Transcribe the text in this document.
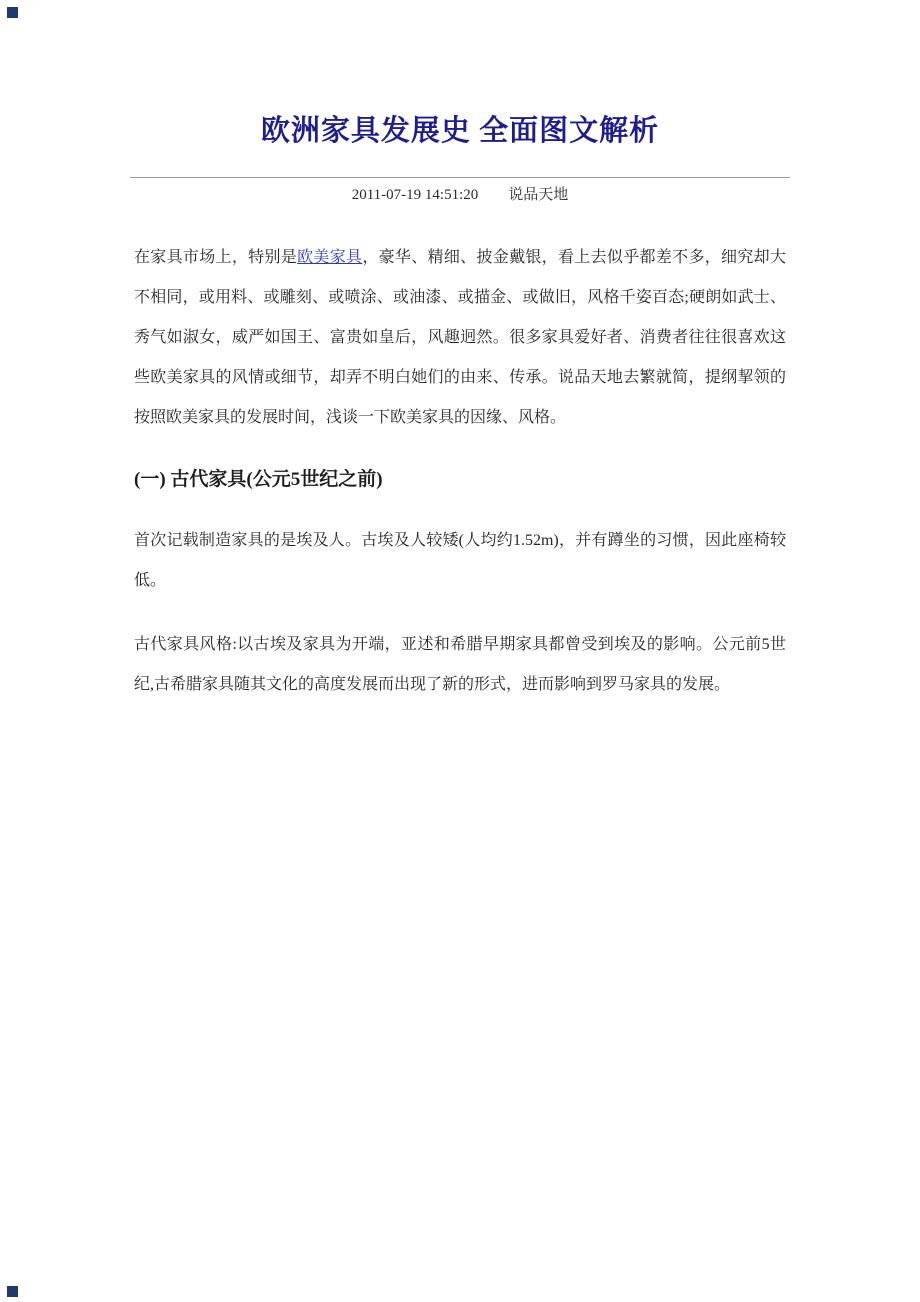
欧洲家具发展史 全面图文解析
2011-07-19 14:51:20 说品天地

在家具市场上，特别是欧美家具，豪华、精细、披金戴银，看上去似乎都差不多，细究却大不相同，或用料、或雕刻、或喷涂、或油漆、或描金、或做旧，风格千姿百态;硬朗如武士、秀气如淑女，威严如国王、富贵如皇后，风趣迥然。很多家具爱好者、消费者往往很喜欢这些欧美家具的风情或细节，却弄不明白她们的由来、传承。说品天地去繁就简，提纲挈领的按照欧美家具的发展时间，浅谈一下欧美家具的因缘、风格。

(一) 古代家具(公元5世纪之前)

首次记载制造家具的是埃及人。古埃及人较矮(人均约1.52m)，并有蹲坐的习惯，因此座椅较低。

古代家具风格:以古埃及家具为开端，亚述和希腊早期家具都曾受到埃及的影响。公元前5世纪,古希腊家具随其文化的高度发展而出现了新的形式，进而影响到罗马家具的发展。
